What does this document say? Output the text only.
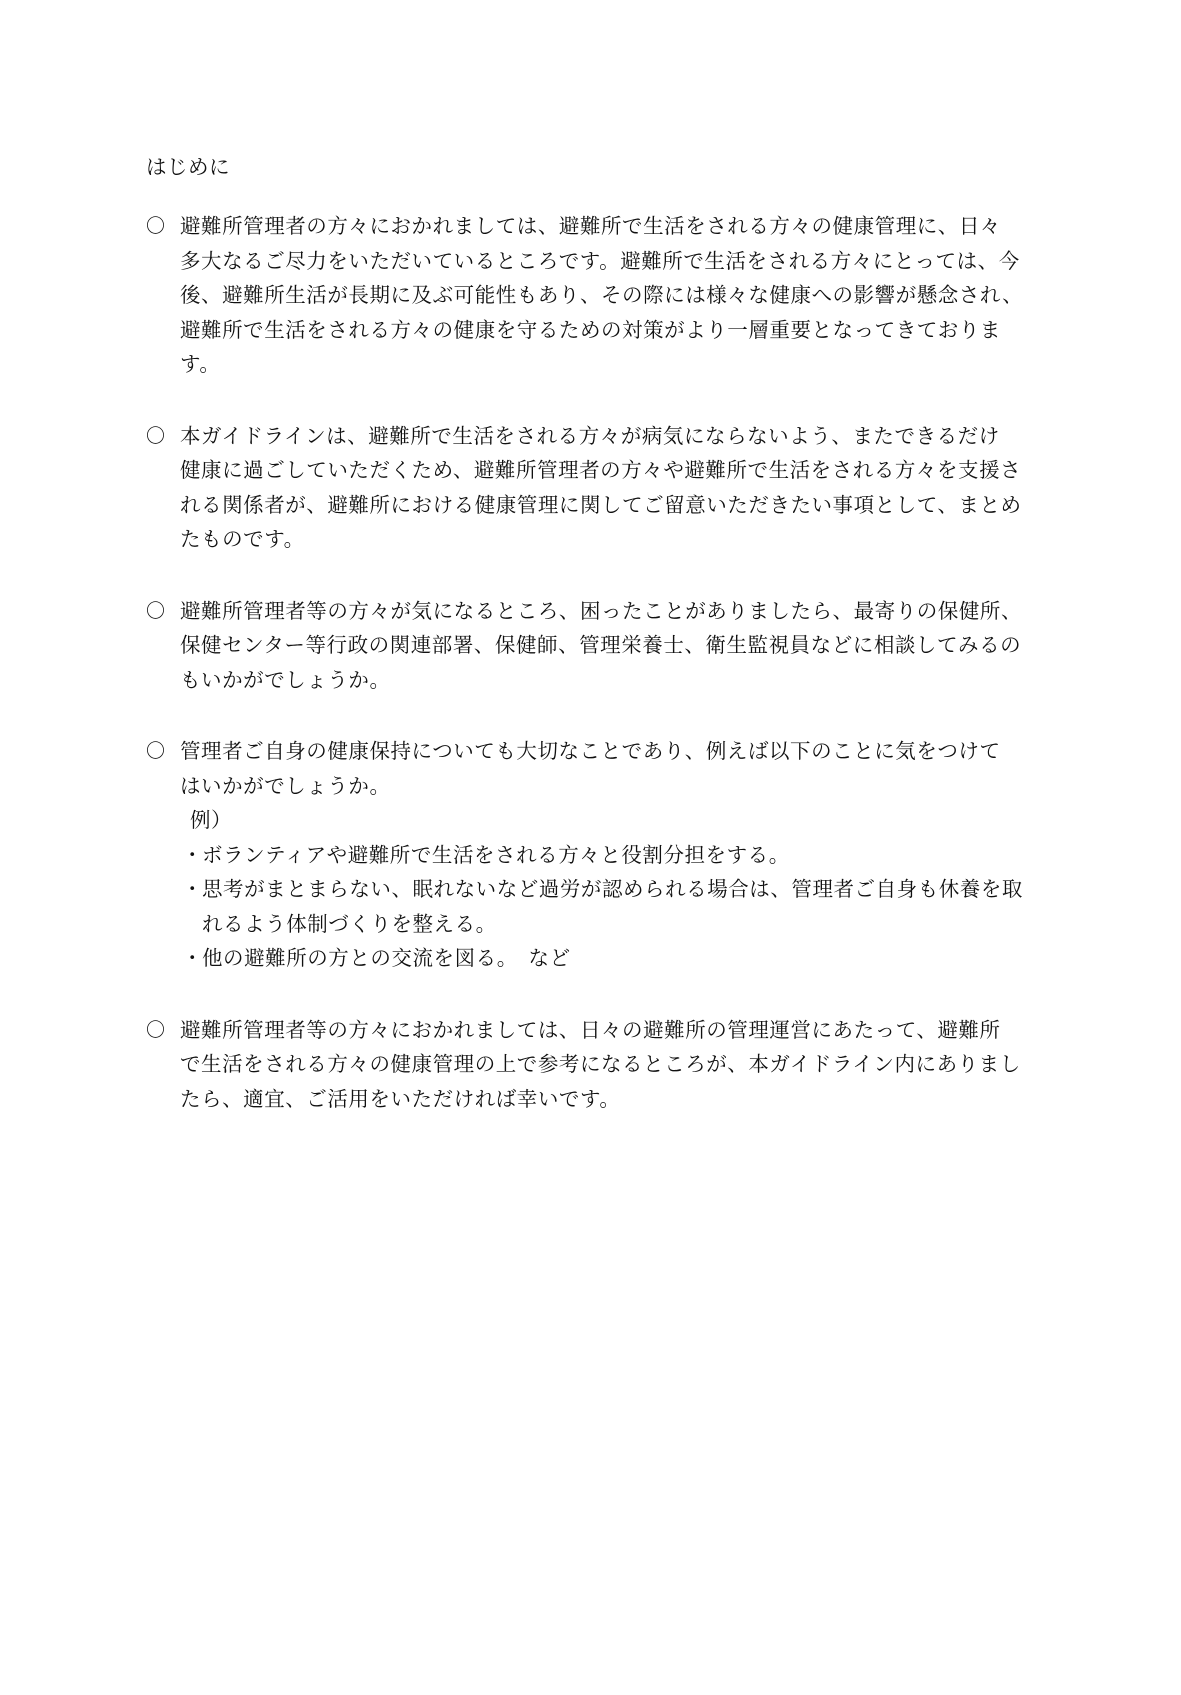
はじめに
〇 避難所管理者の方々におかれましては、避難所で生活をされる方々の健康管理に、日々
多大なるご尽力をいただいているところです。避難所で生活をされる方々にとっては、今
後、避難所生活が長期に及ぶ可能性もあり、その際には様々な健康への影響が懸念され、
避難所で生活をされる方々の健康を守るための対策がより一層重要となってきておりま
す。
〇 本ガイドラインは、避難所で生活をされる方々が病気にならないよう、またできるだけ
健康に過ごしていただくため、避難所管理者の方々や避難所で生活をされる方々を支援さ
れる関係者が、避難所における健康管理に関してご留意いただきたい事項として、まとめ
たものです。
〇 避難所管理者等の方々が気になるところ、困ったことがありましたら、最寄りの保健所、
保健センター等行政の関連部署、保健師、管理栄養士、衛生監視員などに相談してみるの
もいかがでしょうか。
〇 管理者ご自身の健康保持についても大切なことであり、例えば以下のことに気をつけて
はいかがでしょうか。
例）
・
ボランティアや避難所で生活をされる方々と役割分担をする。
・
思考がまとまらない、眠れないなど過労が認められる場合は、管理者ご自身も休養を取
れるよう体制づくりを整える。
・
他の避難所の方との交流を図る。　など
〇 避難所管理者等の方々におかれましては、日々の避難所の管理運営にあたって、避難所
で生活をされる方々の健康管理の上で参考になるところが、本ガイドライン内にありまし
たら、適宜、ご活用をいただければ幸いです。
